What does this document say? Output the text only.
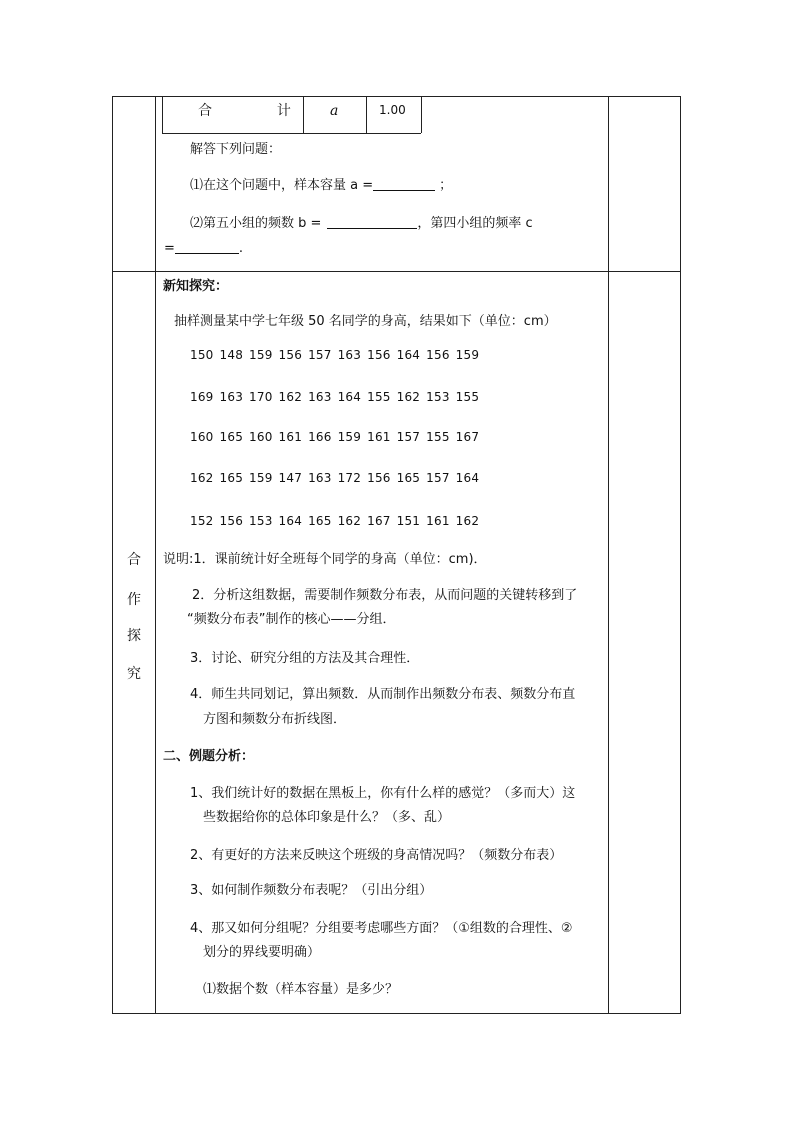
合  计	a	1.00
解答下列问题：
⑴在这个问题中，样本容量 a =	；
⑵第五小组的频数 b =	，第四小组的频率 c
=	.
合
作
探
究
新知探究：
抽样测量某中学七年级 50 名同学的身高，结果如下（单位：cm）
150 148 159 156 157 163 156 164 156 159
169 163 170 162 163 164 155 162 153 155
160 165 160 161 166 159 161 157 155 167
162 165 159 147 163 172 156 165 157 164
152 156 153 164 165 162 167 151 161 162
说明:1．课前统计好全班每个同学的身高（单位：cm)．
2．分析这组数据，需要制作频数分布表，从而问题的关键转移到了
“频数分布表”制作的核心——分组．
3．讨论、研究分组的方法及其合理性．
4．师生共同划记，算出频数．从而制作出频数分布表、频数分布直
方图和频数分布折线图．
二、例题分析：
1、我们统计好的数据在黑板上，你有什么样的感觉？（多而大）这
些数据给你的总体印象是什么？（多、乱）
2、有更好的方法来反映这个班级的身高情况吗？（频数分布表）
3、如何制作频数分布表呢？（引出分组）
4、那又如何分组呢？分组要考虑哪些方面？（①组数的合理性、②
划分的界线要明确）
⑴数据个数（样本容量）是多少？
